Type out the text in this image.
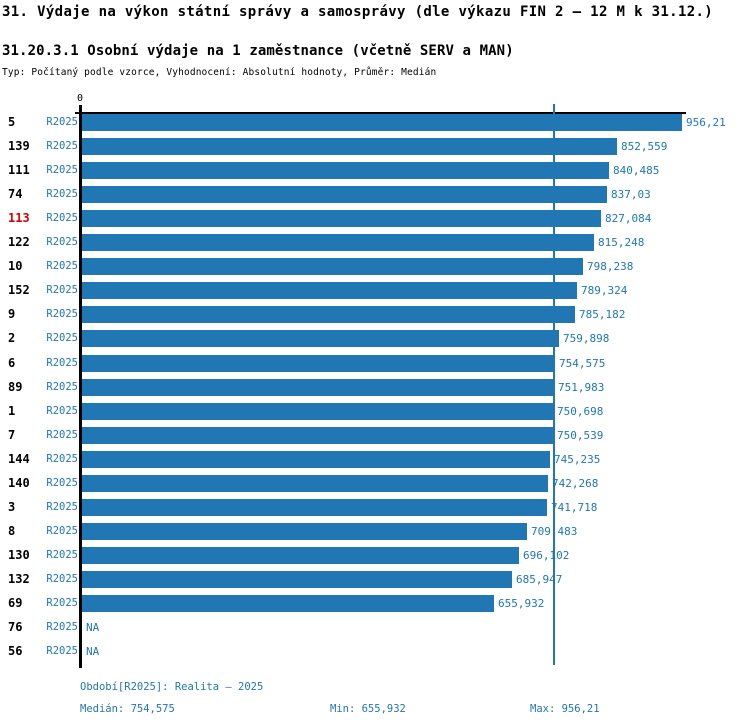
31. Výdaje na výkon státní správy a samosprávy (dle výkazu FIN 2 – 12 M k 31.12.)
31.20.3.1 Osobní výdaje na 1 zaměstnance (včetně SERV a MAN)
Typ: Počítaný podle vzorce, Vyhodnocení: Absolutní hodnoty, Průměr: Medián
0
5	R2025	956,21
139	R2025	852,559
111	R2025	840,485
74	R2025	837,03
113	R2025	827,084
122	R2025	815,248
10	R2025	798,238
152	R2025	789,324
9	R2025	785,182
2	R2025	759,898
6	R2025	754,575
89	R2025	751,983
1	R2025	750,698
7	R2025	750,539
144	R2025	745,235
140	R2025	742,268
3	R2025	741,718
8	R2025	709,483
130	R2025	696,102
132	R2025	685,947
69	R2025	655,932
76	R2025 NA
56	R2025 NA
Období[R2025]: Realita – 2025
Medián: 754,575	Min: 655,932	Max: 956,21
